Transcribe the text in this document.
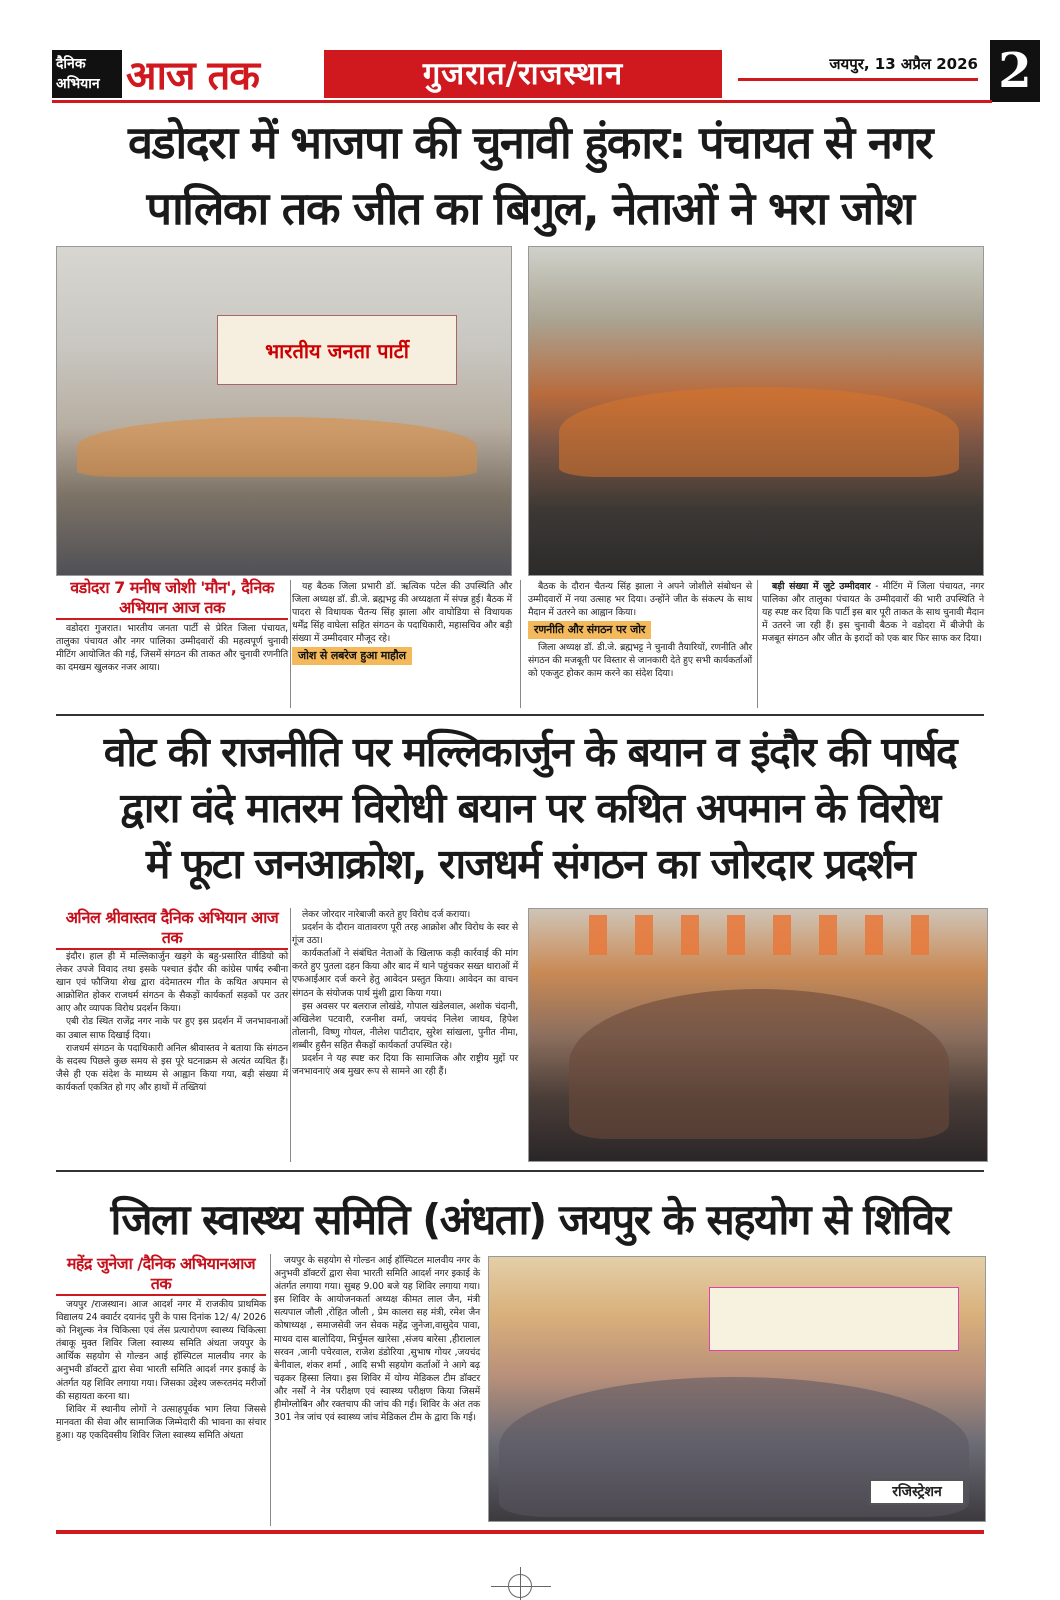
दैनिक
अभियान आज तक	गुजरात/राजस्थान	जयपुर, 13 अप्रैल 2026 2
वडोदरा में भाजपा की चुनावी हुंकार: पंचायत से नगर
पालिका तक जीत का बिगुल, नेताओं ने भरा जोश
भारतीय जनता पार्टी
वडोदरा 7 मनीष जोशी 'मौन', दैनिक अभियान आज तक

वडोदरा गुजरात। भारतीय जनता पार्टी से प्रेरित जिला पंचायत, तालुका पंचायत और नगर पालिका उम्मीदवारों की महत्वपूर्ण चुनावी मीटिंग आयोजित की गई, जिसमें संगठन की ताकत और चुनावी रणनीति का दमखम खुलकर नजर आया।

यह बैठक जिला प्रभारी डॉ. ऋत्विक पटेल की उपस्थिति और जिला अध्यक्ष डॉ. डी.जे. ब्रह्मभट्ट की अध्यक्षता में संपन्न हुई। बैठक में पादरा से विधायक चैतन्य सिंह झाला और वाघोडिया से विधायक धर्मेंद्र सिंह वाघेला सहित संगठन के पदाधिकारी, महासचिव और बड़ी संख्या में उम्मीदवार मौजूद रहे।

जोश से लबरेज हुआ माहौल

बैठक के दौरान चैतन्य सिंह झाला ने अपने जोशीले संबोधन से उम्मीदवारों में नया उत्साह भर दिया। उन्होंने जीत के संकल्प के साथ मैदान में उतरने का आह्वान किया।

रणनीति और संगठन पर जोर

जिला अध्यक्ष डॉ. डी.जे. ब्रह्मभट्ट ने चुनावी तैयारियों, रणनीति और संगठन की मजबूती पर विस्तार से जानकारी देते हुए सभी कार्यकर्ताओं को एकजुट होकर काम करने का संदेश दिया।

बड़ी संख्या में जुटे उम्मीदवार - मीटिंग में जिला पंचायत, नगर पालिका और तालुका पंचायत के उम्मीदवारों की भारी उपस्थिति ने यह स्पष्ट कर दिया कि पार्टी इस बार पूरी ताकत के साथ चुनावी मैदान में उतरने जा रही हैं। इस चुनावी बैठक ने वडोदरा में बीजेपी के मजबूत संगठन और जीत के इरादों को एक बार फिर साफ कर दिया।

वोट की राजनीति पर मल्लिकार्जुन के बयान व इंदौर की पार्षद
द्वारा वंदे मातरम विरोधी बयान पर कथित अपमान के विरोध
में फूटा जनआक्रोश, राजधर्म संगठन का जोरदार प्रदर्शन
अनिल श्रीवास्तव दैनिक अभियान आज तक

इंदौर। हाल ही में मल्लिकार्जुन खड़गे के बहु-प्रसारित वीडियो को लेकर उपजे विवाद तथा इसके पश्चात इंदौर की कांग्रेस पार्षद रुबीना खान एवं फौजिया शेख द्वारा वंदेमातरम गीत के कथित अपमान से आक्रोशित होकर राजधर्म संगठन के सैकड़ों कार्यकर्ता सड़कों पर उतर आए और व्यापक विरोध प्रदर्शन किया।

एबी रोड स्थित राजेंद्र नगर नाके पर हुए इस प्रदर्शन में जनभावनाओं का उबाल साफ दिखाई दिया।

राजधर्म संगठन के पदाधिकारी अनिल श्रीवास्तव ने बताया कि संगठन के सदस्य पिछले कुछ समय से इस पूरे घटनाक्रम से अत्यंत व्यथित हैं। जैसे ही एक संदेश के माध्यम से आह्वान किया गया, बड़ी संख्या में कार्यकर्ता एकत्रित हो गए और हाथों में तख्तियां

लेकर जोरदार नारेबाजी करते हुए विरोध दर्ज कराया।

प्रदर्शन के दौरान वातावरण पूरी तरह आक्रोश और विरोध के स्वर से गूंज उठा।

कार्यकर्ताओं ने संबंधित नेताओं के खिलाफ कड़ी कार्रवाई की मांग करते हुए पुतला दहन किया और बाद में थाने पहुंचकर सख्त धाराओं में एफआईआर दर्ज करने हेतु आवेदन प्रस्तुत किया। आवेदन का वाचन संगठन के संयोजक पार्थ मुंशी द्वारा किया गया।

इस अवसर पर बलराज लोखंडे, गोपाल खंडेलवाल, अशोक चंदानी, अखिलेश पटवारी, रजनीश वर्मा, जयचंद निलेश जाधव, हिपेश तोलानी, विष्णु गोयल, नीलेश पाटीदार, सुरेश सांखला, पुनीत नीमा, शब्बीर हुसैन सहित सैकड़ों कार्यकर्ता उपस्थित रहे।

प्रदर्शन ने यह स्पष्ट कर दिया कि सामाजिक और राष्ट्रीय मुद्दों पर जनभावनाएं अब मुखर रूप से सामने आ रही हैं।

जिला स्वास्थ्य समिति (अंधता) जयपुर के सहयोग से शिविर
महेंद्र जुनेजा /दैनिक अभियानआज तक

जयपुर /राजस्थान। आज आदर्श नगर में राजकीय प्राथमिक विद्यालय 24 क्वार्टर दयानंद पुरी के पास दिनांक 12/ 4/ 2026 को निशुल्क नेत्र चिकित्सा एवं लेंस प्रत्यारोपण स्वास्थ्य चिकित्सा तंबाकू मुक्त शिविर जिला स्वास्थ्य समिति अंधता जयपुर के आर्थिक सहयोग से गोल्डन आई हॉस्पिटल मालवीय नगर के अनुभवी डॉक्टरों द्वारा सेवा भारती समिति आदर्श नगर इकाई के अंतर्गत यह शिविर लगाया गया। जिसका उद्देश्य जरूरतमंद मरीजों की सहायता करना था।

शिविर में स्थानीय लोगों ने उत्साहपूर्वक भाग लिया जिससे मानवता की सेवा और सामाजिक जिम्मेदारी की भावना का संचार हुआ। यह एकदिवसीय शिविर जिला स्वास्थ्य समिति अंधता

जयपुर के सहयोग से गोल्डन आई हॉस्पिटल मालवीय नगर के अनुभवी डॉक्टरों द्वारा सेवा भारती समिति आदर्श नगर इकाई के अंतर्गत लगाया गया। सुबह 9.00 बजे यह शिविर लगाया गया। इस शिविर के आयोजनकर्ता अध्यक्ष कीमत लाल जैन, मंत्री सत्यपाल जौली ,रोहित जौली , प्रेम कालरा सह मंत्री, रमेश जैन कोषाध्यक्ष , समाजसेवी जन सेवक महेंद्र जुनेजा,वासुदेव पावा, माधव दास बालोदिया, मिर्चुमल खारेसा ,संजय बारेसा ,हीरालाल सरवन ,जानी पचेरवाल, राजेश डंडोरिया ,सुभाष गोयर ,जयचंद बेनीवाल, शंकर शर्मा , आदि सभी सहयोग कर्ताओं ने आगे बढ़ चढ़कर हिस्सा लिया। इस शिविर में योग्य मेडिकल टीम डॉक्टर और नर्सों ने नेत्र परीक्षण एवं स्वास्थ्य परीक्षण किया जिसमें हीमोग्लोबिन और रक्तचाप की जांच की गई। शिविर के अंत तक 301 नेत्र जांच एवं स्वास्थ्य जांच मेडिकल टीम के द्वारा कि गई।

रजिस्ट्रेशन
